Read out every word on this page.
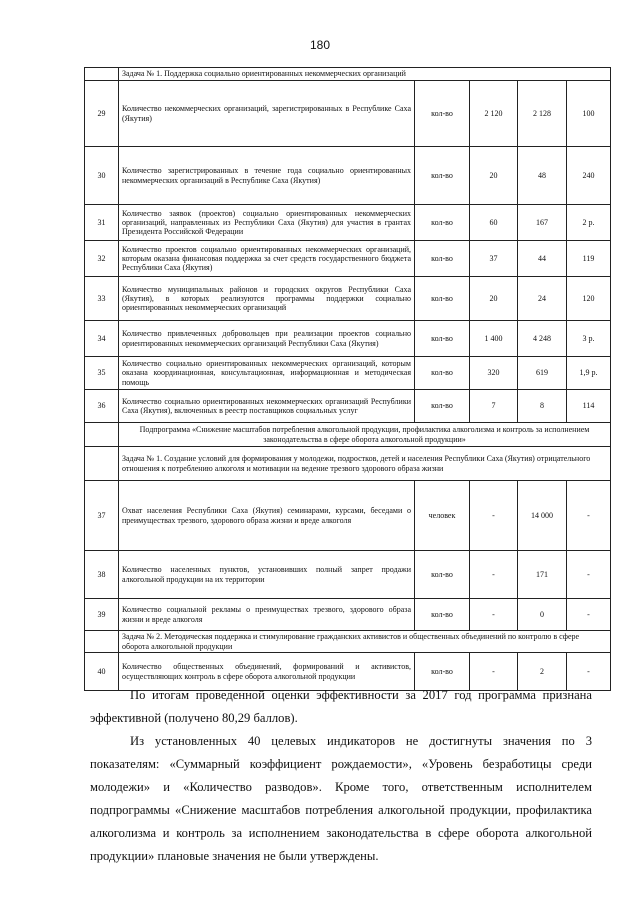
180
	Задача № 1. Поддержка социально ориентированных некоммерческих организаций				
29	Количество некоммерческих организаций, зарегистрированных в Республике Саха (Якутия)	кол-во	2 120	2 128	100
30	Количество зарегистрированных в течение года социально ориентированных некоммерческих организаций в Республике Саха (Якутия)	кол-во	20	48	240
31	Количество заявок (проектов) социально ориентированных некоммерческих организаций, направленных из Республики Саха (Якутия) для участия в грантах Президента Российской Федерации	кол-во	60	167	2 р.
32	Количество проектов социально ориентированных некоммерческих организаций, которым оказана финансовая поддержка за счет средств государственного бюджета Республики Саха (Якутия)	кол-во	37	44	119
33	Количество муниципальных районов и городских округов Республики Саха (Якутия), в которых реализуются программы поддержки социально ориентированных некоммерческих организаций	кол-во	20	24	120
34	Количество привлеченных добровольцев при реализации проектов социально ориентированных некоммерческих организаций Республики Саха (Якутия)	кол-во	1 400	4 248	3 р.
35	Количество социально ориентированных некоммерческих организаций, которым оказана координационная, консультационная, информационная и методическая помощь	кол-во	320	619	1,9 р.
36	Количество социально ориентированных некоммерческих организаций Республики Саха (Якутия), включенных в реестр поставщиков социальных услуг	кол-во	7	8	114
	Подпрограмма «Снижение масштабов потребления алкогольной продукции, профилактика алкоголизма и контроль за исполнением законодательства в сфере оборота алкогольной продукции»				
	Задача № 1. Создание условий для формирования у молодежи, подростков, детей и населения Республики Саха (Якутия) отрицательного отношения к потреблению алкоголя и мотивации на ведение трезвого здорового образа жизни				
37	Охват населения Республики Саха (Якутия) семинарами, курсами, беседами о преимуществах трезвого, здорового образа жизни и вреде алкоголя	человек	-	14 000	-
38	Количество населенных пунктов, установивших полный запрет продажи алкогольной продукции на их территории	кол-во	-	171	-
39	Количество социальной рекламы о преимуществах трезвого, здорового образа жизни и вреде алкоголя	кол-во	-	0	-
	Задача № 2. Методическая поддержка и стимулирование гражданских активистов и общественных объединений по контролю в сфере оборота алкогольной продукции				
40	Количество общественных объединений, формирований и активистов, осуществляющих контроль в сфере оборота алкогольной продукции	кол-во	-	2	-

По итогам проведенной оценки эффективности за 2017 год программа признана эффективной (получено 80,29 баллов).

Из установленных 40 целевых индикаторов не достигнуты значения по 3 показателям: «Суммарный коэффициент рождаемости», «Уровень безработицы среди молодежи» и «Количество разводов». Кроме того, ответственным исполнителем подпрограммы «Снижение масштабов потребления алкогольной продукции, профилактика алкоголизма и контроль за исполнением законодательства в сфере оборота алкогольной продукции» плановые значения не были утверждены.
